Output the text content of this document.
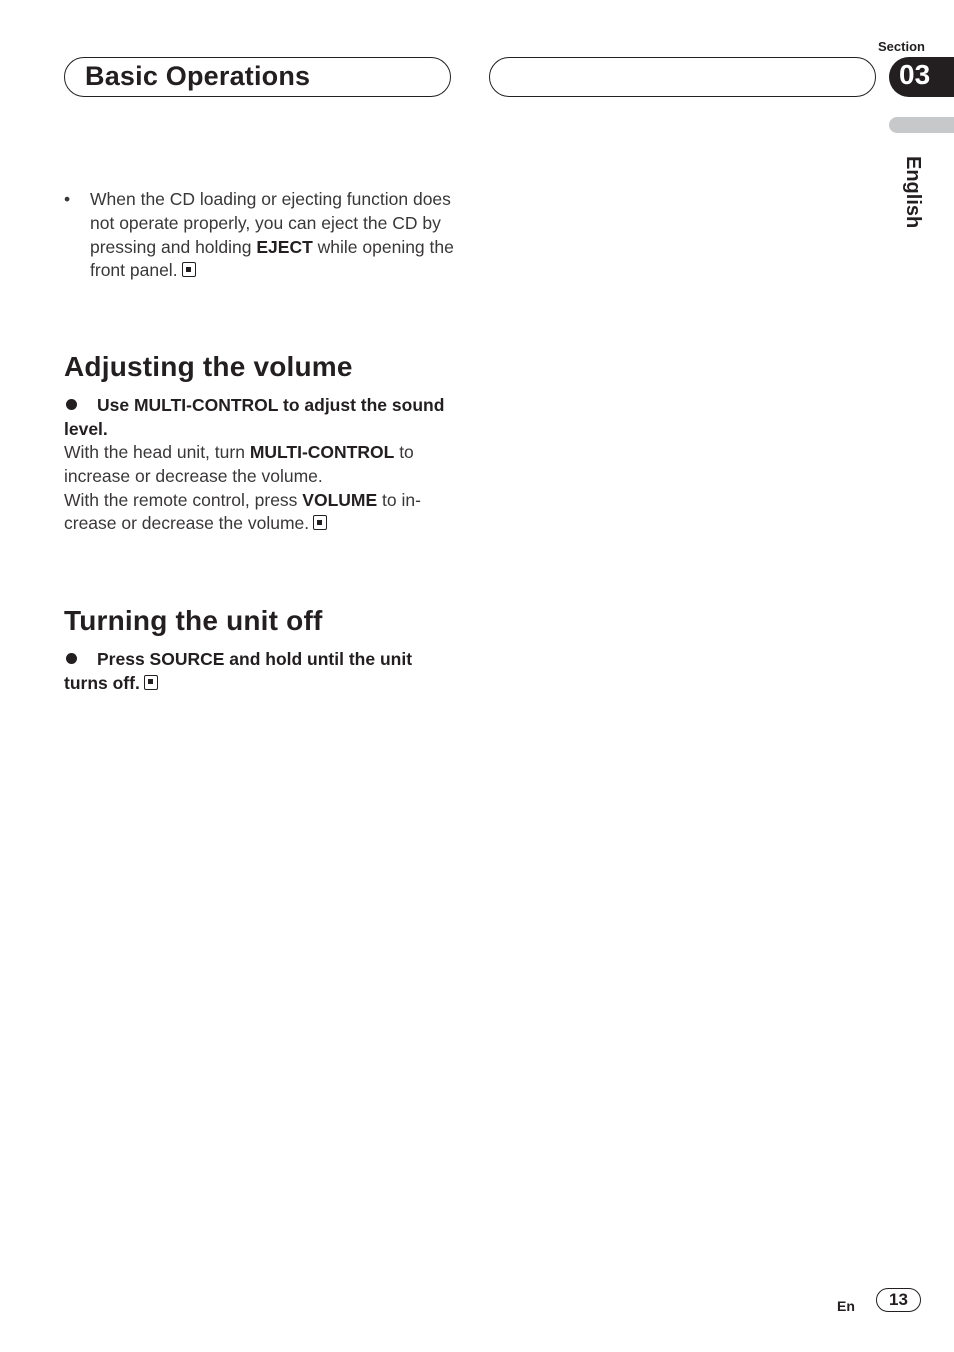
Basic Operations
Section
03
English
• When the CD loading or ejecting function does not operate properly, you can eject the CD by pressing and holding EJECT while opening the front panel.
Adjusting the volume
Use MULTI-CONTROL to adjust the sound level.
With the head unit, turn MULTI-CONTROL to increase or decrease the volume.
With the remote control, press VOLUME to in-
crease or decrease the volume.
Turning the unit off
Press SOURCE and hold until the unit turns off.
En	13
